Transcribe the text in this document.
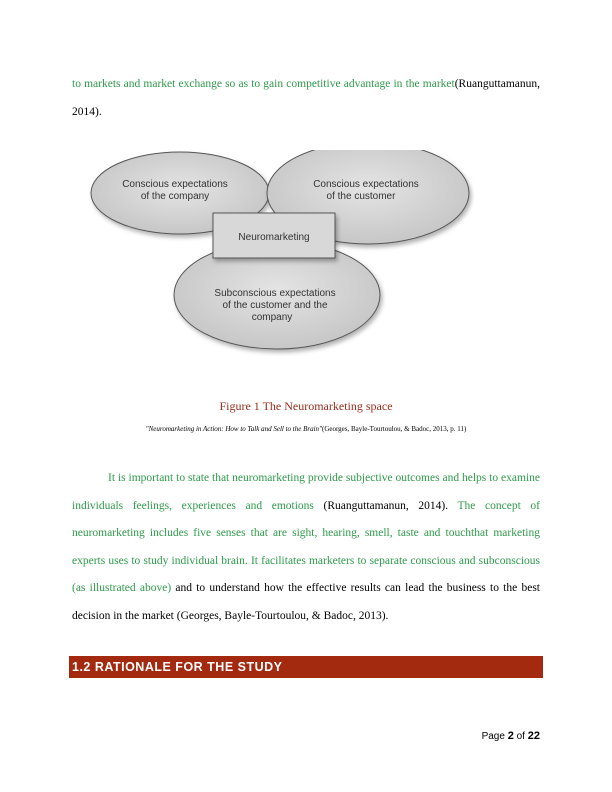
to markets and market exchange so as to gain competitive advantage in the market(Ruanguttamanun, 2014).

Conscious expectations
of the company
Conscious expectations
of the customer
Neuromarketing
Subconscious expectations
of the customer and the
company

Figure 1 The Neuromarketing space

"Neuromarketing in Action: How to Talk and Sell to the Brain"(Georges, Bayle-Tourtoulou, & Badoc, 2013, p. 11)

It is important to state that neuromarketing provide subjective outcomes and helps to examine individuals feelings, experiences and emotions (Ruanguttamanun, 2014). The concept of neuromarketing includes five senses that are sight, hearing, smell, taste and touchthat marketing experts uses to study individual brain. It facilitates marketers to separate conscious and subconscious (as illustrated above) and to understand how the effective results can lead the business to the best decision in the market (Georges, Bayle-Tourtoulou, & Badoc, 2013).

1.2 RATIONALE FOR THE STUDY

Page 2 of 22
